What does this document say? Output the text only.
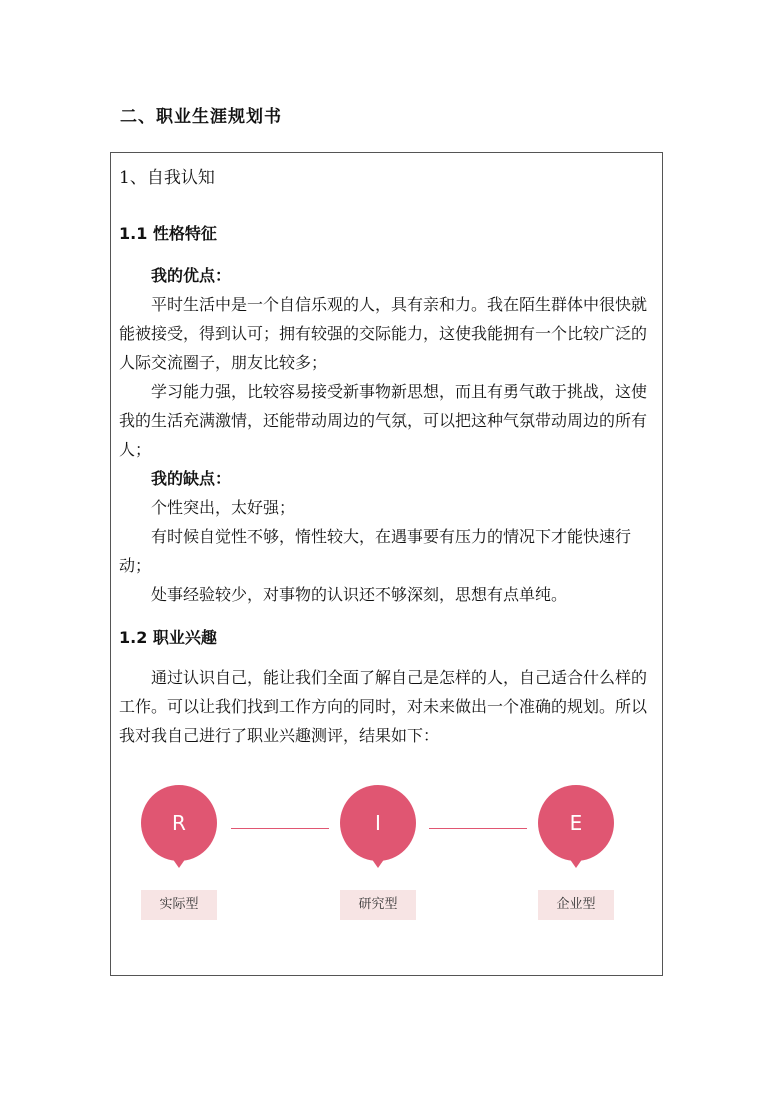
二、职业生涯规划书
1、自我认知
1.1 性格特征

我的优点：

平时生活中是一个自信乐观的人，具有亲和力。我在陌生群体中很快就能被接受，得到认可；拥有较强的交际能力，这使我能拥有一个比较广泛的人际交流圈子，朋友比较多；

学习能力强，比较容易接受新事物新思想，而且有勇气敢于挑战，这使我的生活充满激情，还能带动周边的气氛，可以把这种气氛带动周边的所有人；

我的缺点：

个性突出，太好强；

有时候自觉性不够，惰性较大，在遇事要有压力的情况下才能快速行动；

处事经验较少，对事物的认识还不够深刻，思想有点单纯。

1.2 职业兴趣

通过认识自己，能让我们全面了解自己是怎样的人，自己适合什么样的工作。可以让我们找到工作方向的同时，对未来做出一个准确的规划。所以我对我自己进行了职业兴趣测评，结果如下：

R
实际型
I
研究型
E
企业型
